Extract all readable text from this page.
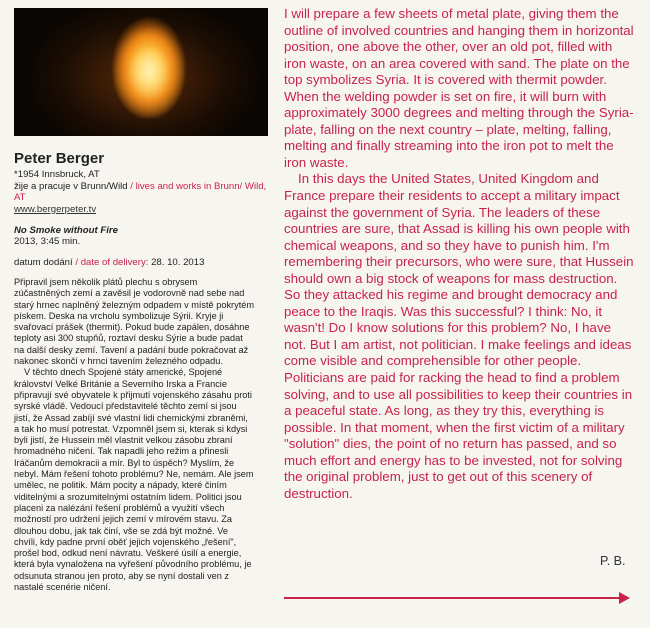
Peter Berger
*1954 Innsbruck, AT
žije a pracuje v Brunn/Wild / lives and works in Brunn/ Wild, AT
www.bergerpeter.tv
No Smoke without Fire
2013, 3:45 min.
datum dodání / date of delivery: 28. 10. 2013

Připravil jsem několik plátů plechu s obrysem zúčastněných zemí a zavěsil je vodorovně nad sebe nad starý hrnec naplněný železným odpadem v místě pokrytém pískem. Deska na vrcholu symbolizuje Sýrii. Kryje ji svařovací prášek (thermit). Pokud bude zapálen, dosáhne teploty asi 300 stupňů, roztaví desku Sýrie a bude padat na další desky zemí. Tavení a padání bude pokračovat až nakonec skončí v hrnci tavením železného odpadu.

V těchto dnech Spojené státy americké, Spojené království Velké Británie a Severního Irska a Francie připravují své obyvatele k přijmutí vojenského zásahu proti syrské vládě. Vedoucí představitelé těchto zemí si jsou jistí, že Assad zabíjí své vlastní lidi chemickými zbraněmi, a tak ho musí potrestat. Vzpomněl jsem si, kterak si kdysi byli jistí, že Hussein měl vlastnit velkou zásobu zbraní hromadného ničení. Tak napadli jeho režim a přinesli Iráčanům demokracii a mír. Byl to úspěch? Myslím, že nebyl. Mám řešení tohoto problému? Ne, nemám. Ale jsem umělec, ne politik. Mám pocity a nápady, které činím viditelnými a srozumitelnými ostatním lidem. Politici jsou placeni za nalézání řešení problémů a využití všech možností pro udržení jejich zemí v mírovém stavu. Za dlouhou dobu, jak tak činí, vše se zdá být možné. Ve chvíli, kdy padne první oběť jejich vojenského „řešení", prošel bod, odkud není návratu. Veškeré úsilí a energie, která byla vynaložena na vyřešení původního problému, je odsunuta stranou jen proto, aby se nyní dostali ven z nastalé scenérie ničení.

I will prepare a few sheets of metal plate, giving them the outline of involved countries and hanging them in horizontal position, one above the other, over an old pot, filled with iron waste, on an area covered with sand. The plate on the top symbolizes Syria. It is covered with thermit powder. When the welding powder is set on fire, it will burn with approximately 3000 degrees and melting through the Syria-plate, falling on the next country – plate, melting, falling, melting and finally streaming into the iron pot to melt the iron waste.

In this days the United States, United Kingdom and France prepare their residents to accept a military impact against the government of Syria. The leaders of these countries are sure, that Assad is killing his own people with chemical weapons, and so they have to punish him. I'm remembering their precursors, who were sure, that Hussein should own a big stock of weapons for mass destruction. So they attacked his regime and brought democracy and peace to the Iraqis. Was this successful? I think: No, it wasn't! Do I know solutions for this problem? No, I have not. But I am artist, not politician. I make feelings and ideas come visible and comprehensible for other people. Politicians are paid for racking the head to find a problem solving, and to use all possibilities to keep their countries in a peaceful state. As long, as they try this, everything is possible. In that moment, when the first victim of a military "solution" dies, the point of no return has passed, and so much effort and energy has to be invested, not for solving the original problem, just to get out of this scenery of destruction.

P. B.
